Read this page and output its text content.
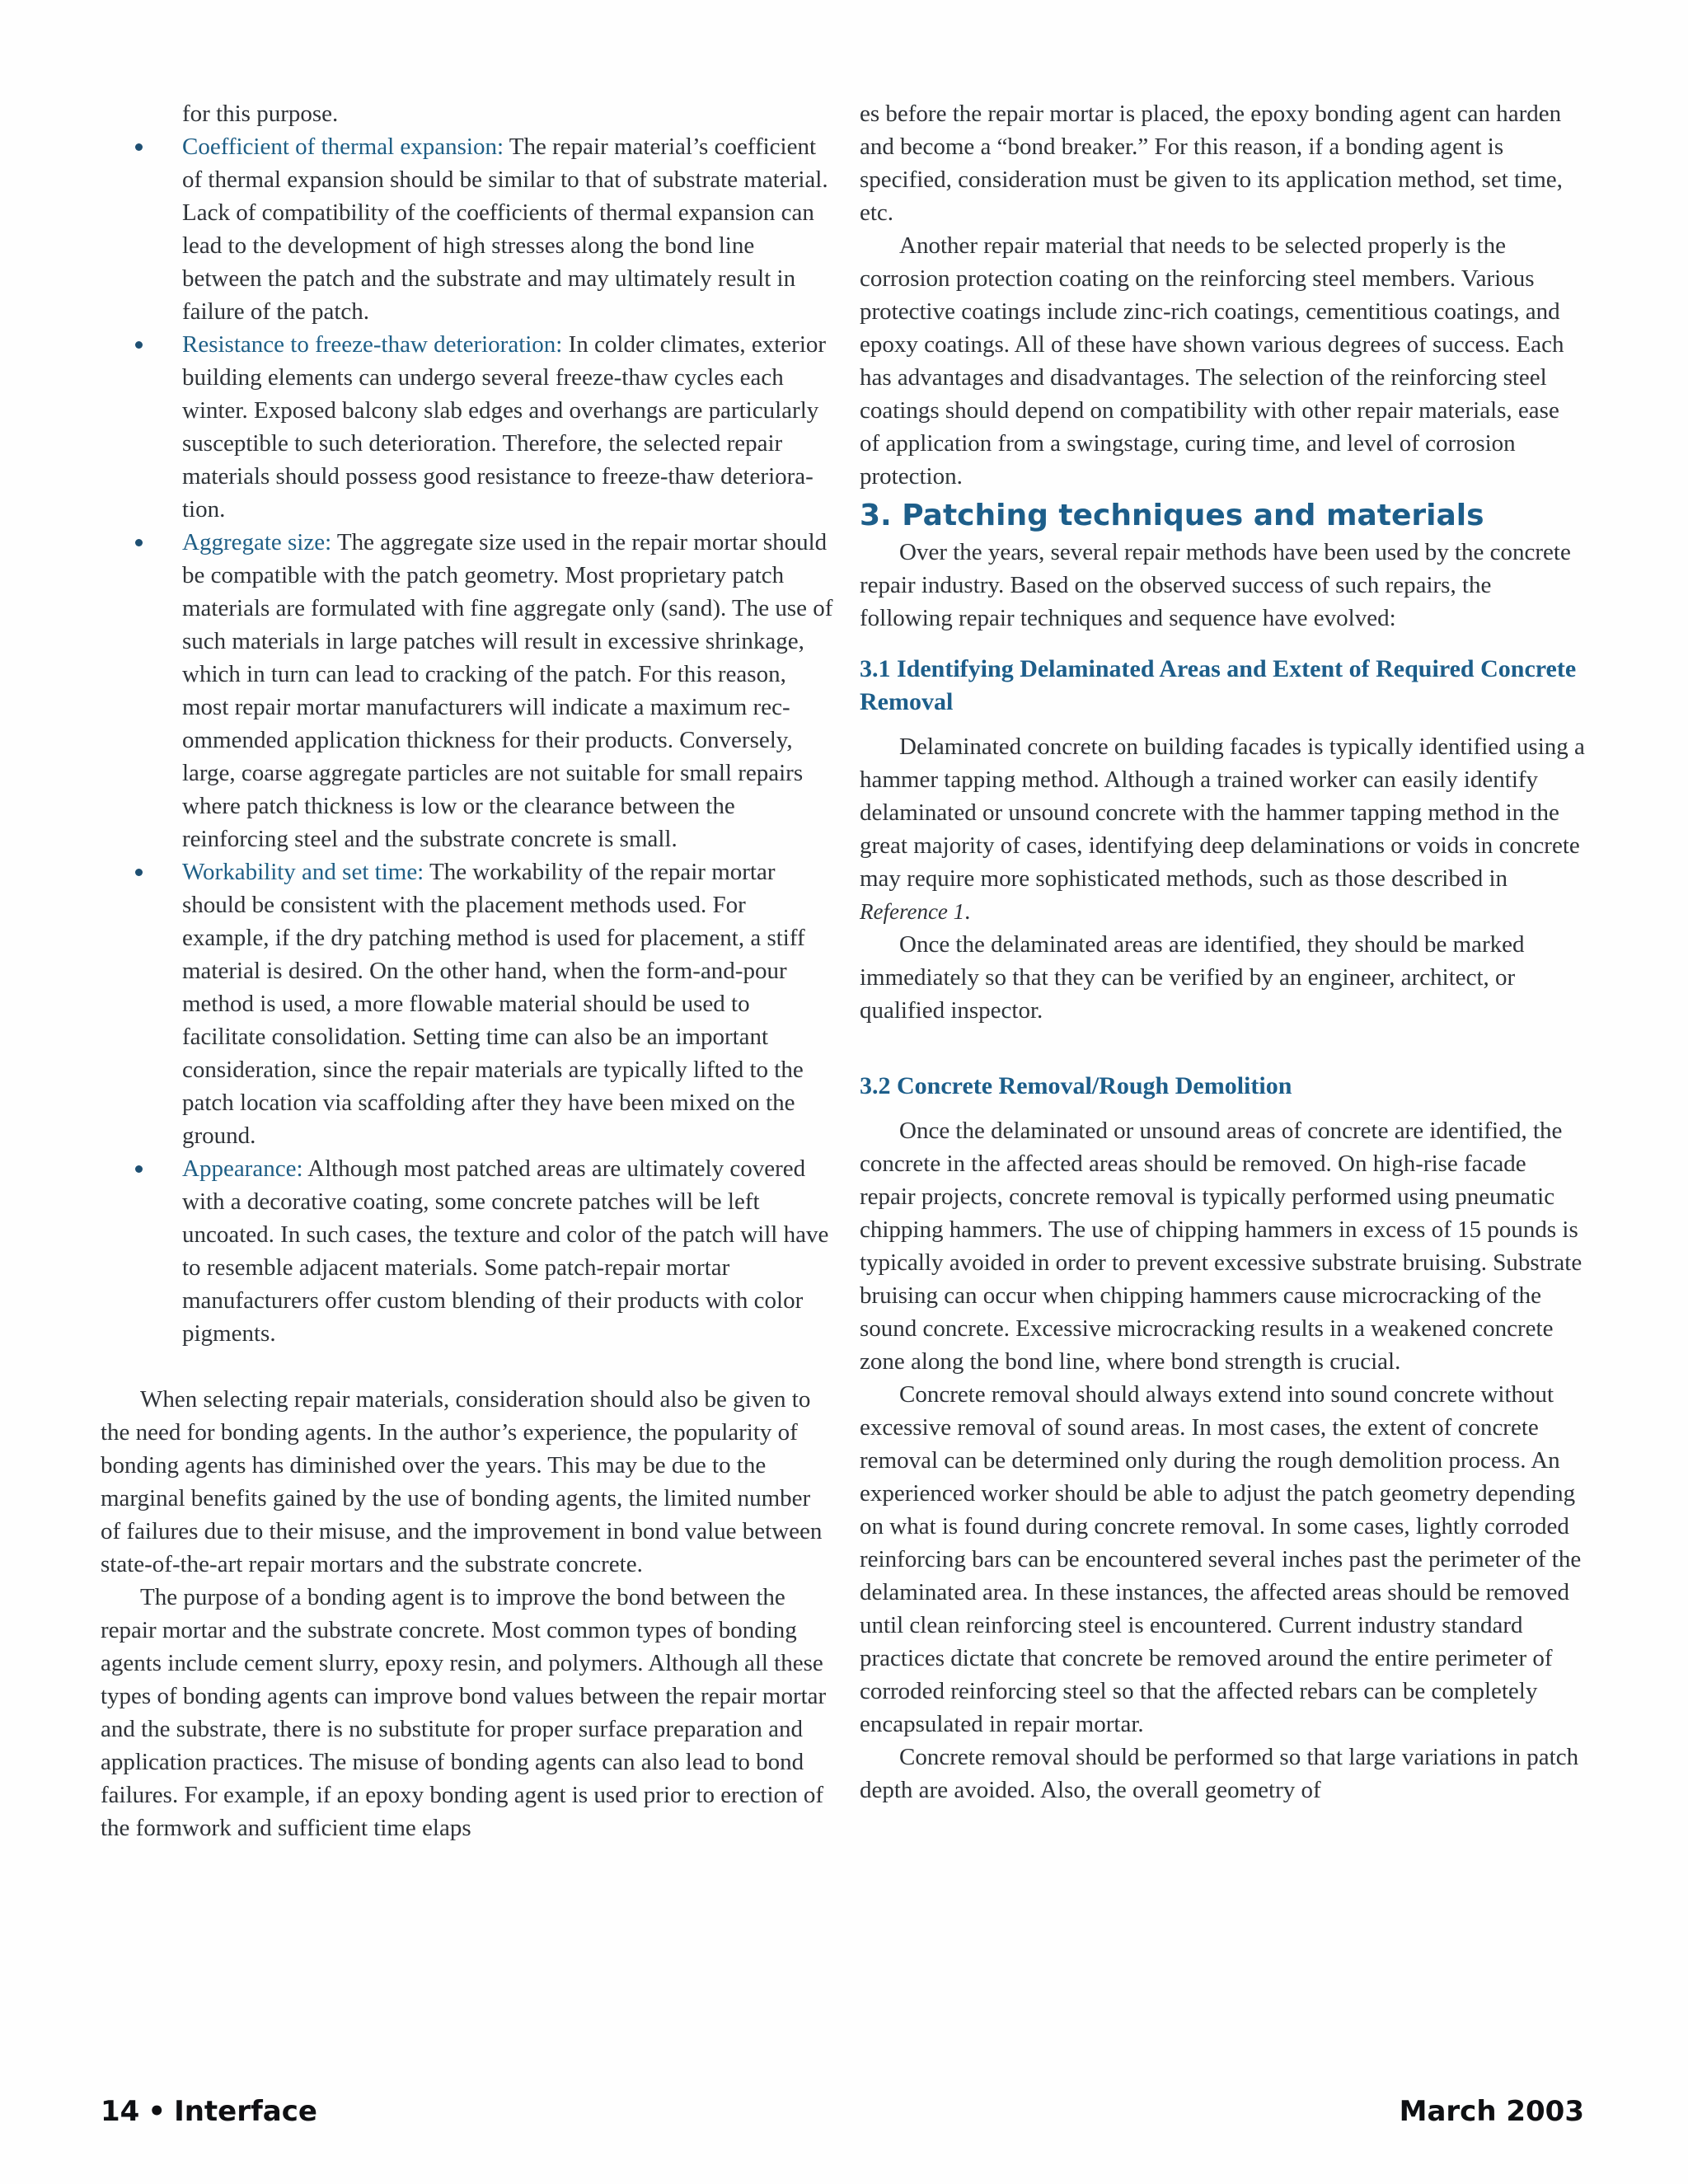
for this purpose.

Coefficient of thermal expansion: The repair material’s coefficient of thermal expansion should be similar to that of substrate material. Lack of compatibility of the coefficients of thermal expansion can lead to the development of high stresses along the bond line between the patch and the substrate and may ultimately result in failure of the patch.
Resistance to freeze-thaw deterioration: In colder climates, exterior building elements can undergo several freeze-thaw cycles each winter. Exposed balcony slab edges and overhangs are particularly susceptible to such deterioration. Therefore, the selected repair materials should possess good resistance to freeze-thaw deterioration.
Aggregate size: The aggregate size used in the repair mortar should be compatible with the patch geometry. Most proprietary patch materials are formulated with fine aggregate only (sand). The use of such materials in large patches will result in excessive shrinkage, which in turn can lead to cracking of the patch. For this reason, most repair mortar manufacturers will indicate a maximum recommended application thickness for their products. Conversely, large, coarse aggregate particles are not suitable for small repairs where patch thickness is low or the clearance between the reinforcing steel and the substrate concrete is small.
Workability and set time: The workability of the repair mortar should be consistent with the placement methods used. For example, if the dry patching method is used for placement, a stiff material is desired. On the other hand, when the form-and-pour method is used, a more flowable material should be used to facilitate consolidation. Setting time can also be an important consideration, since the repair materials are typically lifted to the patch location via scaffolding after they have been mixed on the ground.
Appearance: Although most patched areas are ultimately covered with a decorative coating, some concrete patches will be left uncoated. In such cases, the texture and color of the patch will have to resemble adjacent materials. Some patch-repair mortar manufacturers offer custom blending of their products with color pigments.

When selecting repair materials, consideration should also be given to the need for bonding agents. In the author’s experience, the popularity of bonding agents has diminished over the years. This may be due to the marginal benefits gained by the use of bonding agents, the limited number of failures due to their misuse, and the improvement in bond value between state-of-the-art repair mortars and the substrate concrete.

The purpose of a bonding agent is to improve the bond between the repair mortar and the substrate concrete. Most common types of bonding agents include cement slurry, epoxy resin, and polymers. Although all these types of bonding agents can improve bond values between the repair mortar and the substrate, there is no substitute for proper surface preparation and application practices. The misuse of bonding agents can also lead to bond failures. For example, if an epoxy bonding agent is used prior to erection of the formwork and sufficient time elaps

es before the repair mortar is placed, the epoxy bonding agent can harden and become a “bond breaker.” For this reason, if a bonding agent is specified, consideration must be given to its application method, set time, etc.

Another repair material that needs to be selected properly is the corrosion protection coating on the reinforcing steel members. Various protective coatings include zinc-rich coatings, cementitious coatings, and epoxy coatings. All of these have shown various degrees of success. Each has advantages and disadvantages. The selection of the reinforcing steel coatings should depend on compatibility with other repair materials, ease of application from a swingstage, curing time, and level of corrosion protection.

3. Patching techniques and materials

Over the years, several repair methods have been used by the concrete repair industry. Based on the observed success of such repairs, the following repair techniques and sequence have evolved:

3.1 Identifying Delaminated Areas and Extent of Required Concrete Removal

Delaminated concrete on building facades is typically identified using a hammer tapping method. Although a trained worker can easily identify delaminated or unsound concrete with the hammer tapping method in the great majority of cases, identifying deep delaminations or voids in concrete may require more sophisticated methods, such as those described in Reference 1.

Once the delaminated areas are identified, they should be marked immediately so that they can be verified by an engineer, architect, or qualified inspector.

3.2 Concrete Removal/Rough Demolition

Once the delaminated or unsound areas of concrete are identified, the concrete in the affected areas should be removed. On high-rise facade repair projects, concrete removal is typically performed using pneumatic chipping hammers. The use of chipping hammers in excess of 15 pounds is typically avoided in order to prevent excessive substrate bruising. Substrate bruising can occur when chipping hammers cause microcracking of the sound concrete. Excessive microcracking results in a weakened concrete zone along the bond line, where bond strength is crucial.

Concrete removal should always extend into sound concrete without excessive removal of sound areas. In most cases, the extent of concrete removal can be determined only during the rough demolition process. An experienced worker should be able to adjust the patch geometry depending on what is found during concrete removal. In some cases, lightly corroded reinforcing bars can be encountered several inches past the perimeter of the delaminated area. In these instances, the affected areas should be removed until clean reinforcing steel is encountered. Current industry standard practices dictate that concrete be removed around the entire perimeter of corroded reinforcing steel so that the affected rebars can be completely encapsulated in repair mortar.

Concrete removal should be performed so that large variations in patch depth are avoided. Also, the overall geometry of

14 • Interface	March 2003
